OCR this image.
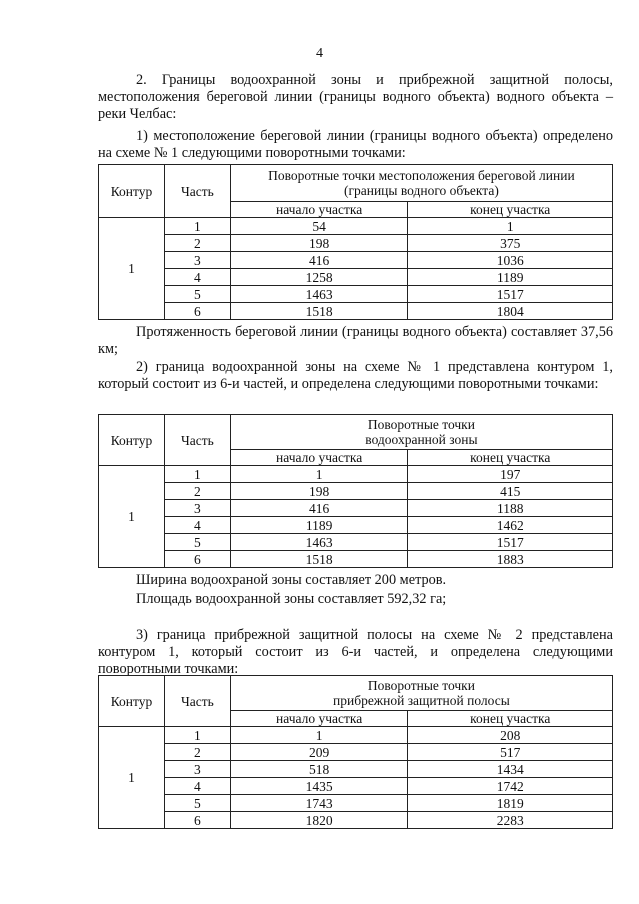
4

2. Границы водоохранной зоны и прибрежной защитной полосы, местоположения береговой линии (границы водного объекта) водного объекта – реки Челбас:

1) местоположение береговой линии (границы водного объекта) определено на схеме № 1 следующими поворотными точками:

Контур	Часть	Поворотные точки местоположения береговой линии
(границы водного объекта)	

		начало участка	конец участка
1	1	54	1
	2	198	375
	3	416	1036
	4	1258	1189
	5	1463	1517
	6	1518	1804

Протяженность береговой линии (границы водного объекта) составляет 37,56 км;

2) граница водоохранной зоны на схеме № 1 представлена контуром 1, который состоит из 6-и частей, и определена следующими поворотными точками:

Контур	Часть	Поворотные точки
водоохранной зоны	

		начало участка	конец участка
1	1	1	197
	2	198	415
	3	416	1188
	4	1189	1462
	5	1463	1517
	6	1518	1883

Ширина водоохраной зоны составляет 200 метров.

Площадь водоохранной зоны составляет 592,32 га;

3) граница прибрежной защитной полосы на схеме № 2 представлена контуром 1, который состоит из 6-и частей, и определена следующими поворотными точками:

Контур	Часть	Поворотные точки
прибрежной защитной полосы	

		начало участка	конец участка
1	1	1	208
	2	209	517
	3	518	1434
	4	1435	1742
	5	1743	1819
	6	1820	2283
